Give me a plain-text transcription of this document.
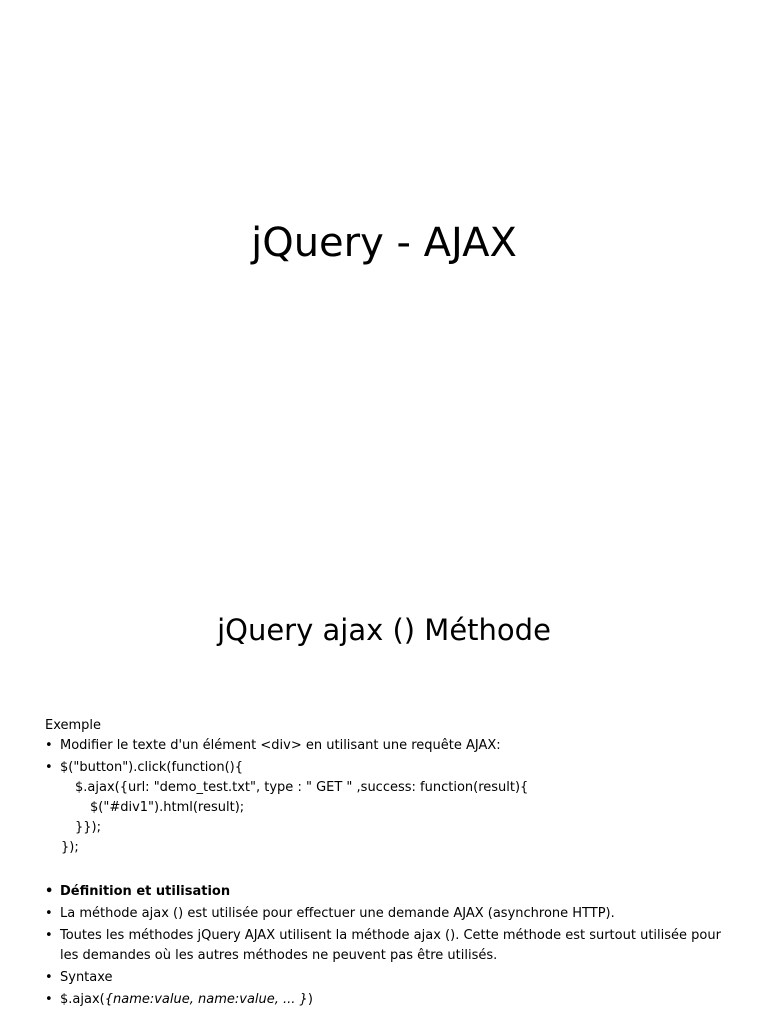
jQuery - AJAX
jQuery ajax () Méthode

Exemple

• Modifier le texte d'un élément <div> en utilisant une requête AJAX:
• $("button").click(function(){
$.ajax({url: "demo_test.txt", type : " GET " ,success: function(result){
$("#div1").html(result);
}});
});
• Définition et utilisation
• La méthode ajax () est utilisée pour effectuer une demande AJAX (asynchrone HTTP).
• Toutes les méthodes jQuery AJAX utilisent la méthode ajax (). Cette méthode est surtout utilisée pour les demandes où les autres méthodes ne peuvent pas être utilisés.
• Syntaxe
• $.ajax({name:value, name:value, ... })
